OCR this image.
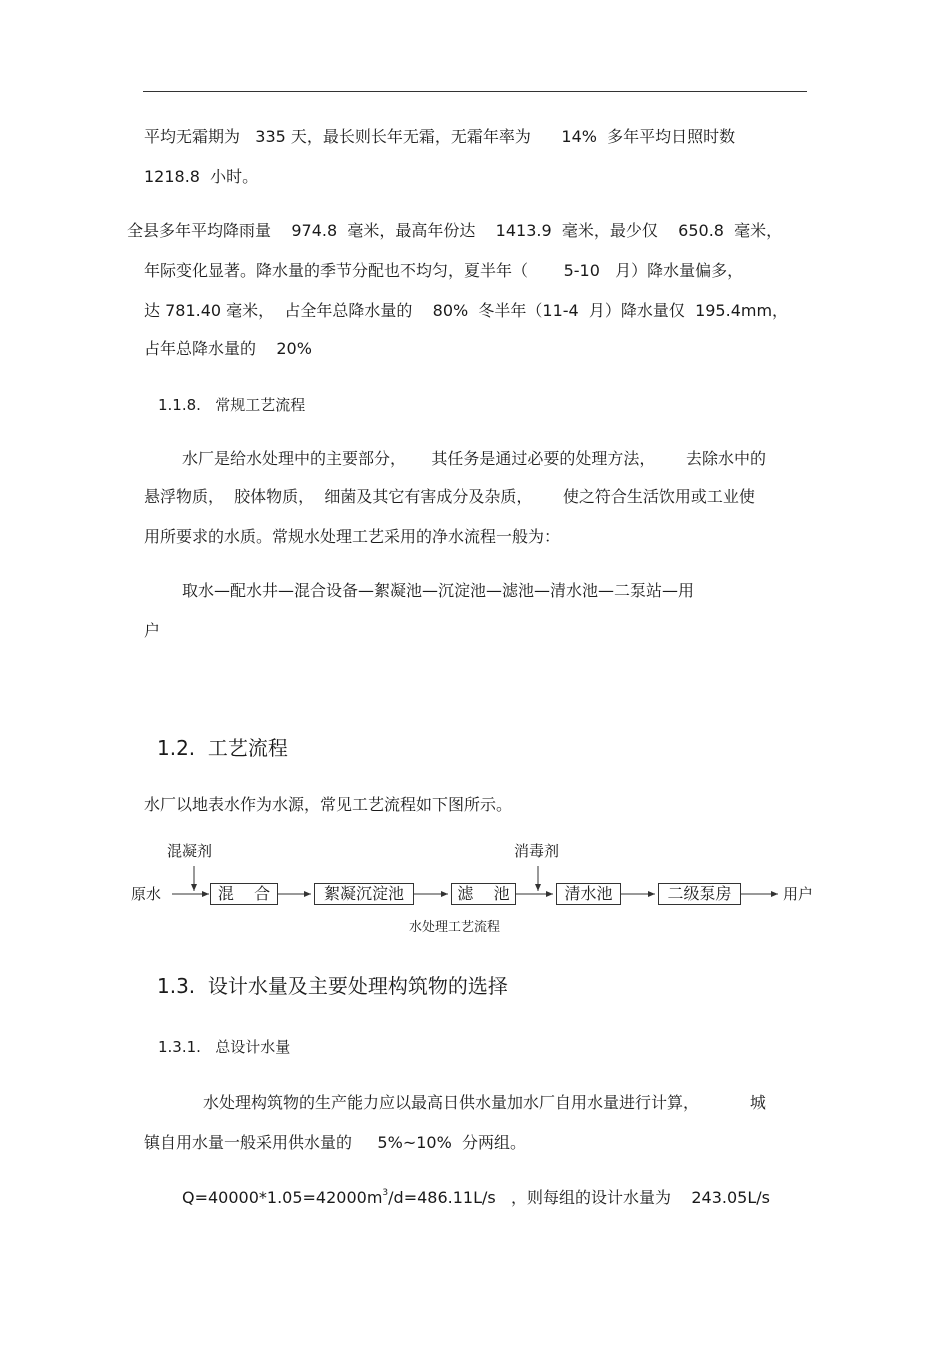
平均无霜期为   335 天，最长则长年无霜，无霜年率为      14%  多年平均日照时数
1218.8  小时。
全县多年平均降雨量    974.8  毫米，最高年份达    1413.9  毫米，最少仅    650.8  毫米，
年际变化显著。降水量的季节分配也不均匀，夏半年（       5-10   月）降水量偏多，
达 781.40 毫米，  占全年总降水量的    80%  冬半年（11-4  月）降水量仅  195.4mm，
占年总降水量的    20%
1.1.8.   常规工艺流程
水厂是给水处理中的主要部分，     其任务是通过必要的处理方法，      去除水中的
悬浮物质，  胶体物质，  细菌及其它有害成分及杂质，      使之符合生活饮用或工业使
用所要求的水质。常规水处理工艺采用的净水流程一般为：
取水—配水井—混合设备—絮凝池—沉淀池—滤池—清水池—二泵站—用
户
1.2.  工艺流程
水厂以地表水作为水源，常见工艺流程如下图所示。
混凝剂	消毒剂
原水	用户
混    合	絮凝沉淀池	滤    池	清水池	二级泵房
水处理工艺流程
1.3.  设计水量及主要处理构筑物的选择
1.3.1.   总设计水量
水处理构筑物的生产能力应以最高日供水量加水厂自用水量进行计算，          城
镇自用水量一般采用供水量的     5%~10%  分两组。
$Q=40000*1.05=42000m^3/d=486.11L/s$   ，则每组的设计水量为    243.05L/s
